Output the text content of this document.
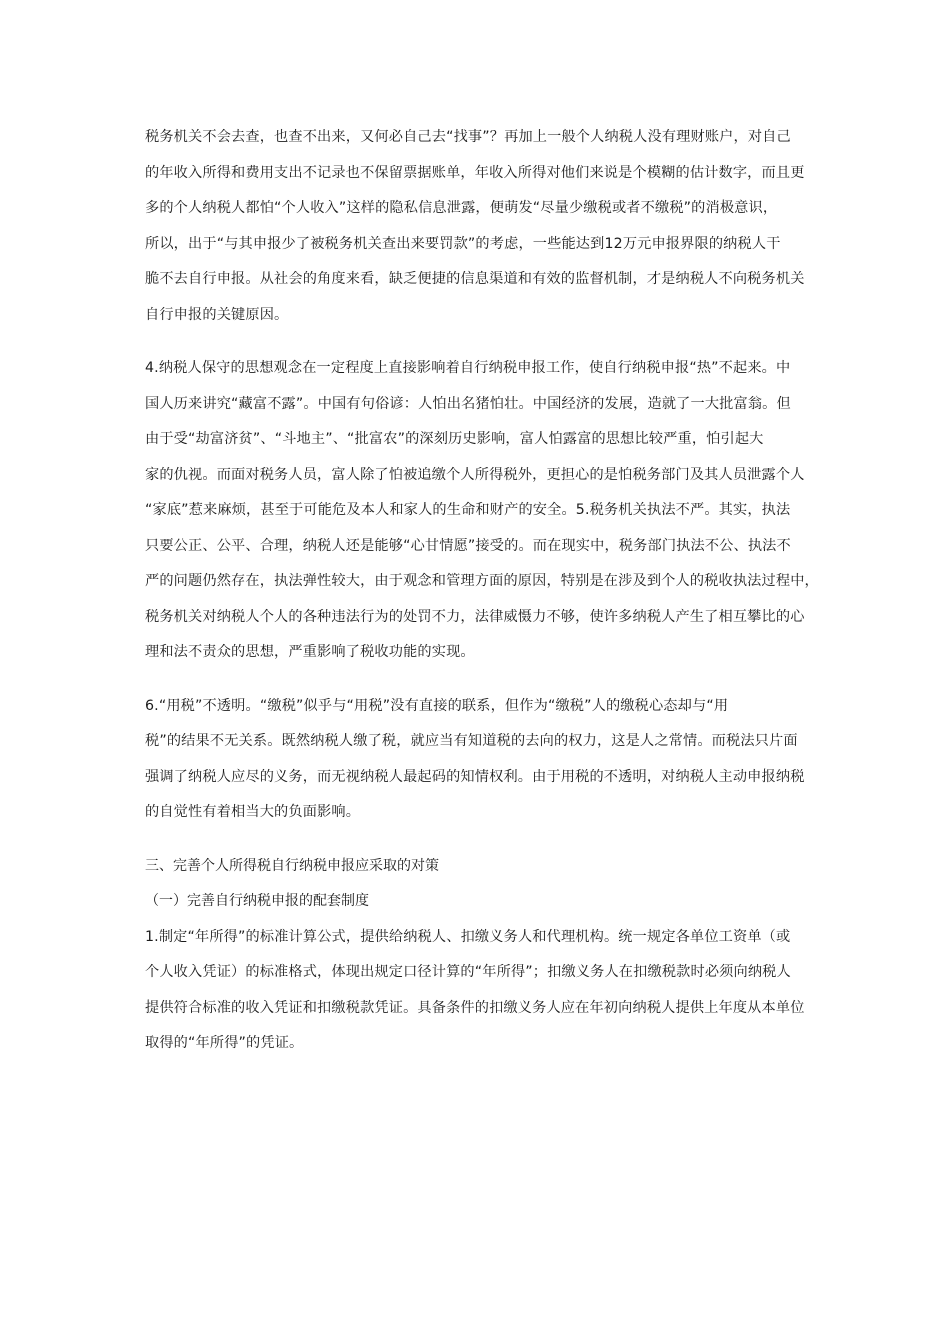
税务机关不会去查，也查不出来，又何必自己去“找事”？再加上一般个人纳税人没有理财账户，对自己
的年收入所得和费用支出不记录也不保留票据账单，年收入所得对他们来说是个模糊的估计数字，而且更
多的个人纳税人都怕“个人收入”这样的隐私信息泄露，便萌发“尽量少缴税或者不缴税”的消极意识，
所以，出于“与其申报少了被税务机关查出来要罚款”的考虑，一些能达到12万元申报界限的纳税人干
脆不去自行申报。从社会的角度来看，缺乏便捷的信息渠道和有效的监督机制，才是纳税人不向税务机关
自行申报的关键原因。

4.纳税人保守的思想观念在一定程度上直接影响着自行纳税申报工作，使自行纳税申报“热”不起来。中
国人历来讲究“藏富不露”。中国有句俗谚：人怕出名猪怕壮。中国经济的发展，造就了一大批富翁。但
由于受“劫富济贫”、“斗地主”、“批富农”的深刻历史影响，富人怕露富的思想比较严重，怕引起大
家的仇视。而面对税务人员，富人除了怕被追缴个人所得税外，更担心的是怕税务部门及其人员泄露个人
“家底”惹来麻烦，甚至于可能危及本人和家人的生命和财产的安全。5.税务机关执法不严。其实，执法
只要公正、公平、合理，纳税人还是能够“心甘情愿”接受的。而在现实中，税务部门执法不公、执法不
严的问题仍然存在，执法弹性较大，由于观念和管理方面的原因，特别是在涉及到个人的税收执法过程中，
税务机关对纳税人个人的各种违法行为的处罚不力，法律威慑力不够，使许多纳税人产生了相互攀比的心
理和法不责众的思想，严重影响了税收功能的实现。

6.“用税”不透明。“缴税”似乎与“用税”没有直接的联系，但作为“缴税”人的缴税心态却与“用
税”的结果不无关系。既然纳税人缴了税，就应当有知道税的去向的权力，这是人之常情。而税法只片面
强调了纳税人应尽的义务，而无视纳税人最起码的知情权利。由于用税的不透明，对纳税人主动申报纳税
的自觉性有着相当大的负面影响。

三、完善个人所得税自行纳税申报应采取的对策

（一）完善自行纳税申报的配套制度

1.制定“年所得”的标准计算公式，提供给纳税人、扣缴义务人和代理机构。统一规定各单位工资单（或
个人收入凭证）的标准格式，体现出规定口径计算的“年所得”；扣缴义务人在扣缴税款时必须向纳税人
提供符合标准的收入凭证和扣缴税款凭证。具备条件的扣缴义务人应在年初向纳税人提供上年度从本单位
取得的“年所得”的凭证。
